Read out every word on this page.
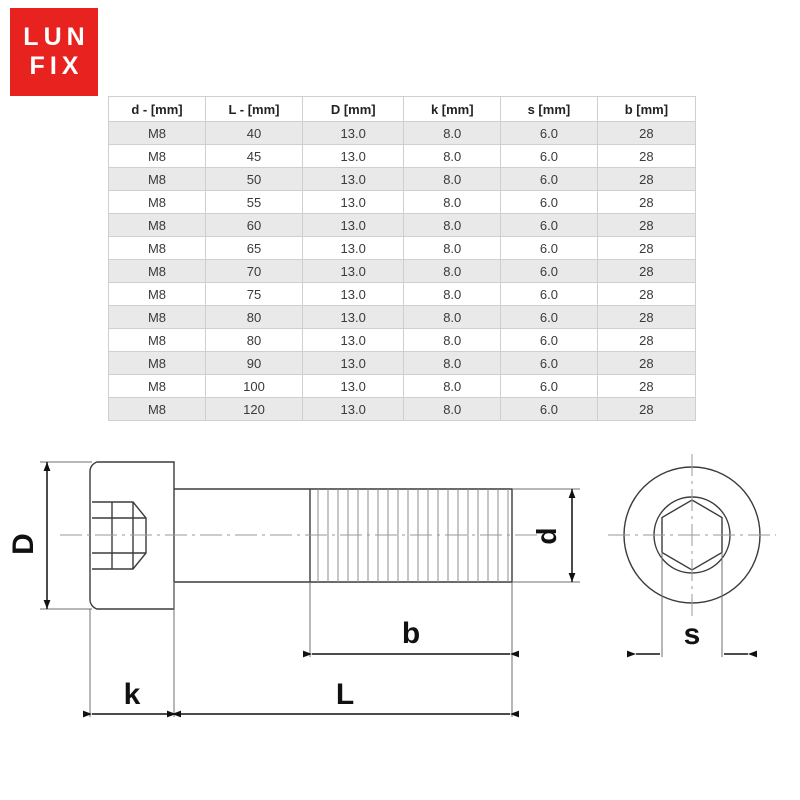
LUN
FIX
d - [mm]	L - [mm]	D [mm]	k [mm]	s [mm]	b [mm]
M8	40	13.0	8.0	6.0	28
M8	45	13.0	8.0	6.0	28
M8	50	13.0	8.0	6.0	28
M8	55	13.0	8.0	6.0	28
M8	60	13.0	8.0	6.0	28
M8	65	13.0	8.0	6.0	28
M8	70	13.0	8.0	6.0	28
M8	75	13.0	8.0	6.0	28
M8	80	13.0	8.0	6.0	28
M8	80	13.0	8.0	6.0	28
M8	90	13.0	8.0	6.0	28
M8	100	13.0	8.0	6.0	28
M8	120	13.0	8.0	6.0	28
D	d
b
k	L
s
